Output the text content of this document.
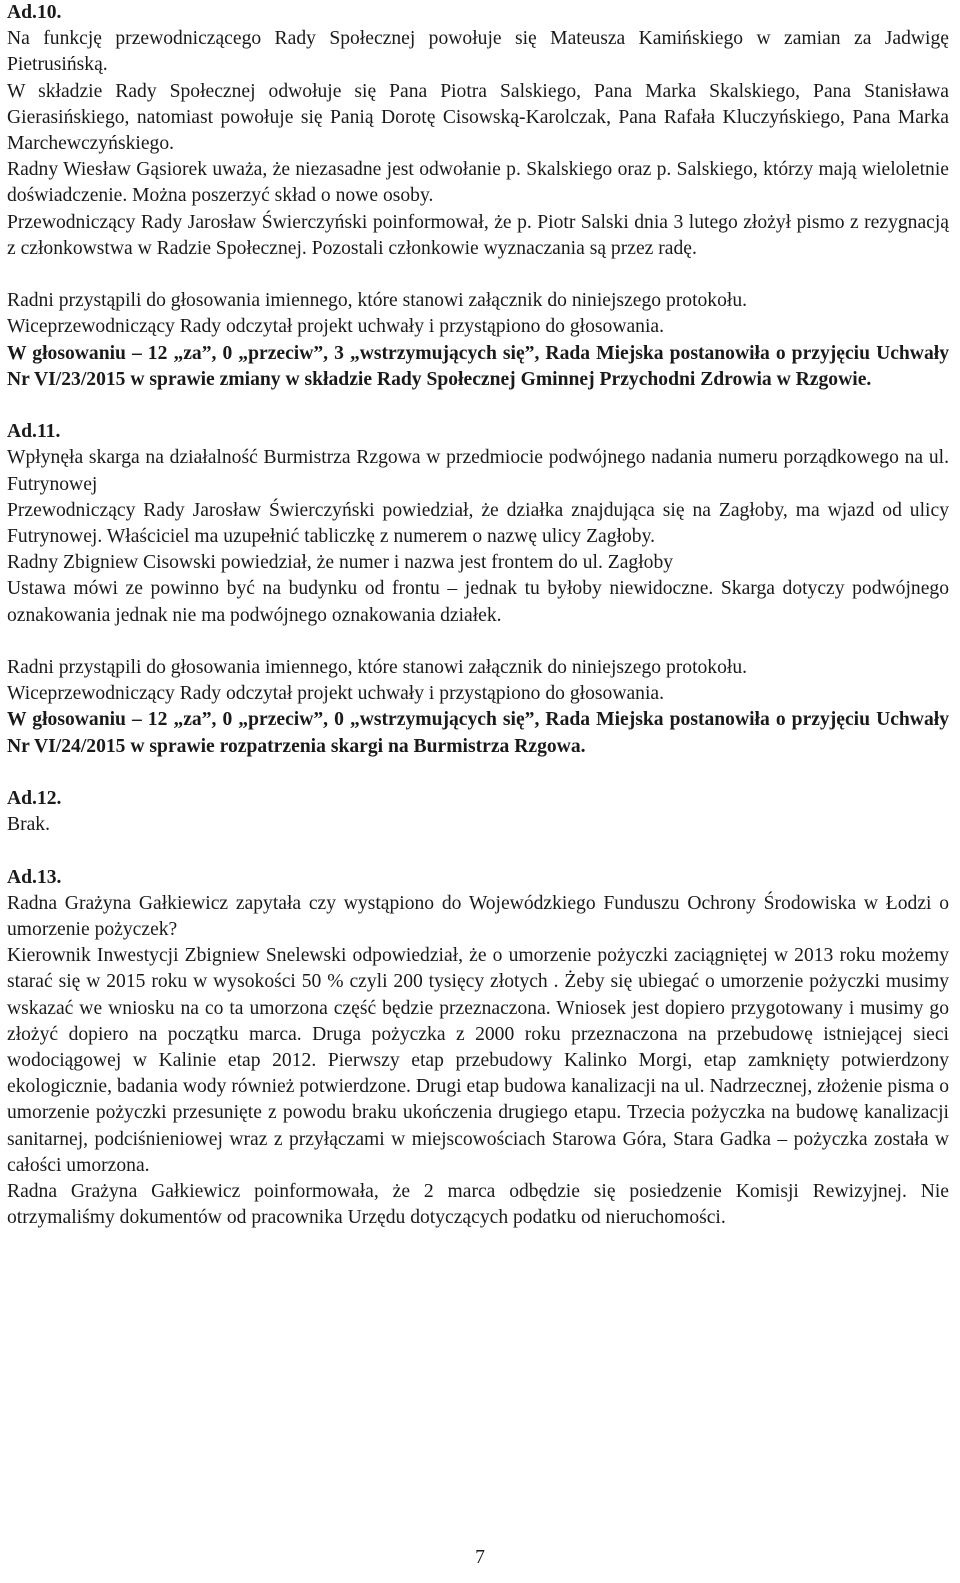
Ad.10.

Na funkcję przewodniczącego Rady Społecznej powołuje się Mateusza Kamińskiego w zamian za Jadwigę Pietrusińską.

W składzie Rady Społecznej odwołuje się Pana Piotra Salskiego, Pana Marka Skalskiego, Pana Stanisława Gierasińskiego, natomiast powołuje się Panią Dorotę Cisowską-Karolczak, Pana Rafała Kluczyńskiego, Pana Marka Marchewczyńskiego.

Radny Wiesław Gąsiorek uważa, że niezasadne jest odwołanie p. Skalskiego oraz p. Salskiego, którzy mają wieloletnie doświadczenie. Można poszerzyć skład o nowe osoby.

Przewodniczący Rady Jarosław Świerczyński poinformował, że p. Piotr Salski dnia 3 lutego złożył pismo z rezygnacją z członkowstwa w Radzie Społecznej. Pozostali członkowie wyznaczania są przez radę.

Radni przystąpili do głosowania imiennego, które stanowi załącznik do niniejszego protokołu.

Wiceprzewodniczący Rady odczytał projekt uchwały i przystąpiono do głosowania.

W głosowaniu – 12 „za”, 0 „przeciw”, 3 „wstrzymujących się”, Rada Miejska postanowiła o przyjęciu Uchwały Nr VI/23/2015 w sprawie zmiany w składzie Rady Społecznej Gminnej Przychodni Zdrowia w Rzgowie.

Ad.11.

Wpłynęła skarga na działalność Burmistrza Rzgowa w przedmiocie podwójnego nadania numeru porządkowego na ul. Futrynowej

Przewodniczący Rady Jarosław Świerczyński powiedział, że działka znajdująca się na Zagłoby, ma wjazd od ulicy Futrynowej. Właściciel ma uzupełnić tabliczkę z numerem o nazwę ulicy Zagłoby.

Radny Zbigniew Cisowski powiedział, że numer i nazwa jest frontem do ul. Zagłoby

Ustawa mówi ze powinno być na budynku od frontu – jednak tu byłoby niewidoczne. Skarga dotyczy podwójnego oznakowania jednak nie ma podwójnego oznakowania działek.

Radni przystąpili do głosowania imiennego, które stanowi załącznik do niniejszego protokołu.

Wiceprzewodniczący Rady odczytał projekt uchwały i przystąpiono do głosowania.

W głosowaniu – 12 „za”, 0 „przeciw”, 0 „wstrzymujących się”, Rada Miejska postanowiła o przyjęciu Uchwały Nr VI/24/2015 w sprawie rozpatrzenia skargi na Burmistrza Rzgowa.

Ad.12.

Brak.

Ad.13.

Radna Grażyna Gałkiewicz zapytała czy wystąpiono do Wojewódzkiego Funduszu Ochrony Środowiska w Łodzi o umorzenie pożyczek?

Kierownik Inwestycji Zbigniew Snelewski odpowiedział, że o umorzenie pożyczki zaciągniętej w 2013 roku możemy starać się w 2015 roku w wysokości 50 % czyli 200 tysięcy złotych . Żeby się ubiegać o umorzenie pożyczki musimy wskazać we wniosku na co ta umorzona część będzie przeznaczona. Wniosek jest dopiero przygotowany i musimy go złożyć dopiero na początku marca. Druga pożyczka z 2000 roku przeznaczona na przebudowę istniejącej sieci wodociągowej w Kalinie etap 2012. Pierwszy etap przebudowy Kalinko Morgi, etap zamknięty potwierdzony ekologicznie, badania wody również potwierdzone. Drugi etap budowa kanalizacji na ul. Nadrzecznej, złożenie pisma o umorzenie pożyczki przesunięte z powodu braku ukończenia drugiego etapu. Trzecia pożyczka na budowę kanalizacji sanitarnej, podciśnieniowej wraz z przyłączami w miejscowościach Starowa Góra, Stara Gadka – pożyczka została w całości umorzona.

Radna Grażyna Gałkiewicz poinformowała, że 2 marca odbędzie się posiedzenie Komisji Rewizyjnej. Nie otrzymaliśmy dokumentów od pracownika Urzędu dotyczących podatku od nieruchomości.

7
